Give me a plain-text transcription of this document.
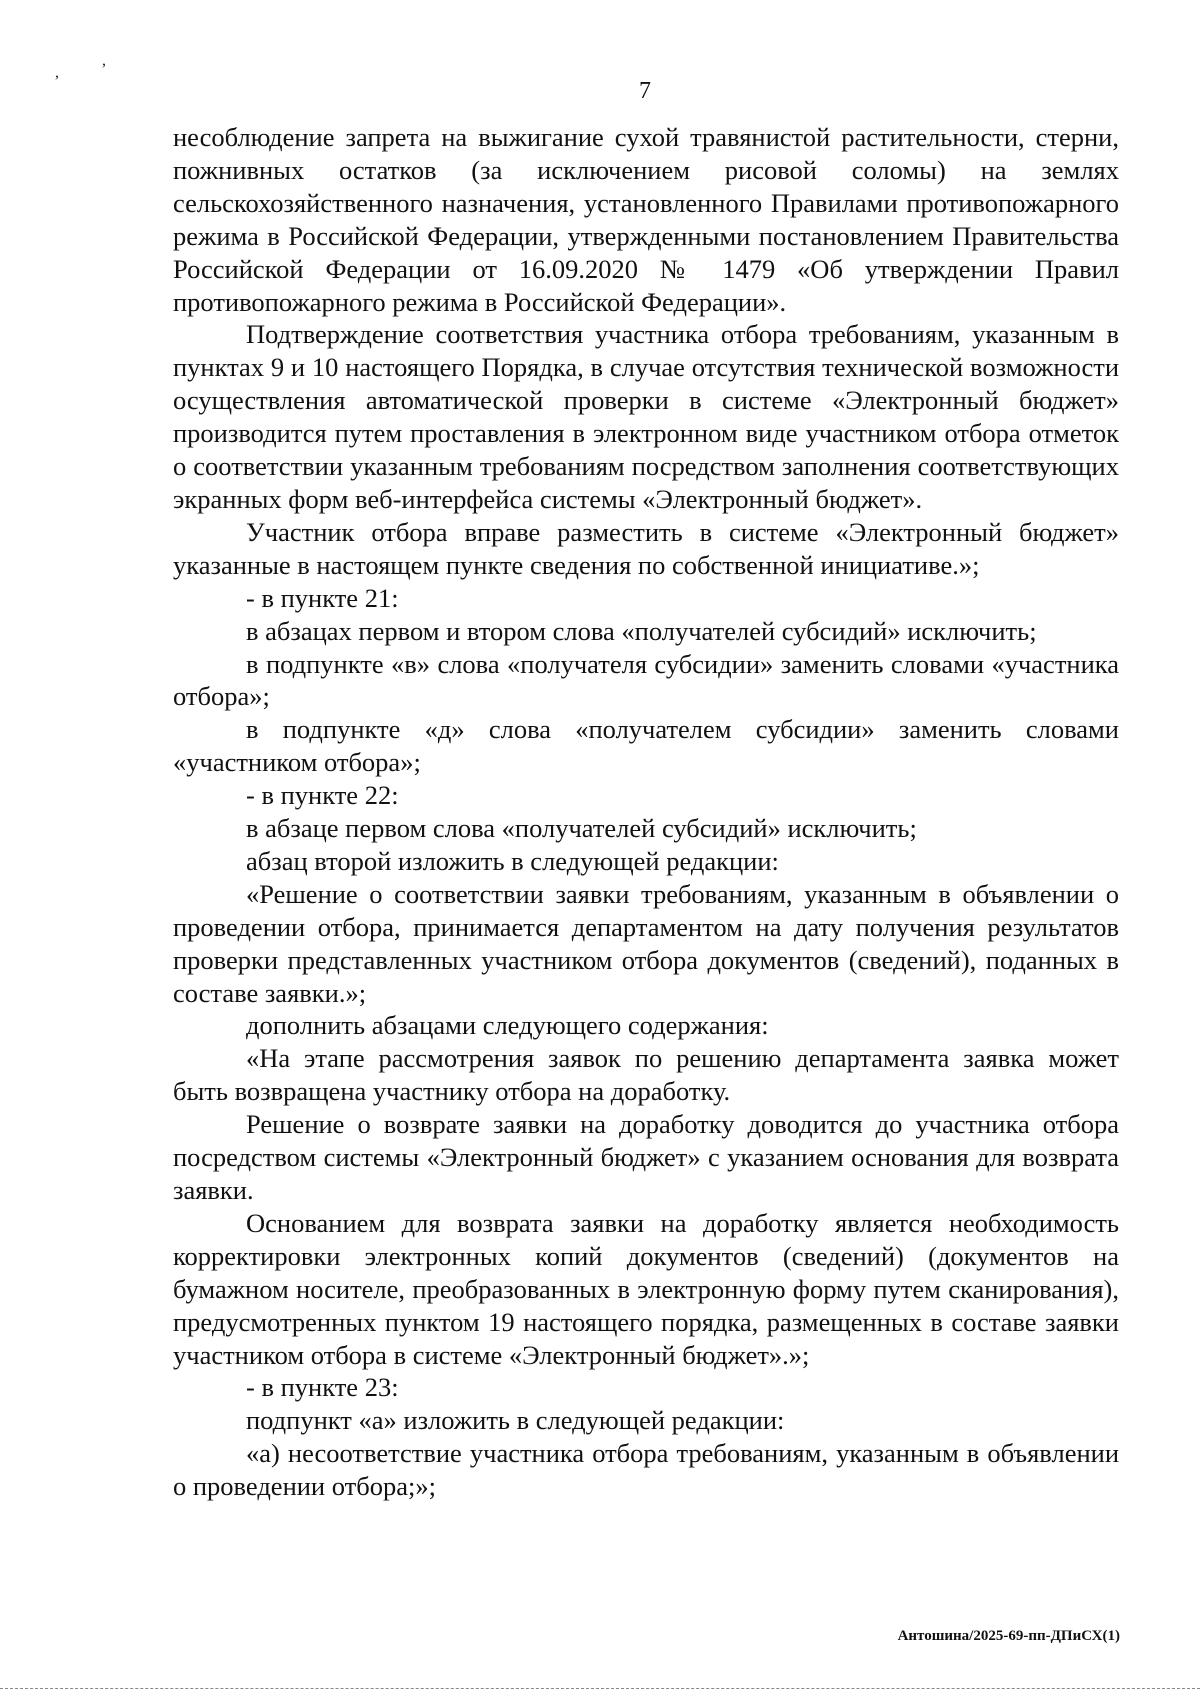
,
,

7

несоблюдение запрета на выжигание сухой травянистой растительности, стерни, пожнивных остатков (за исключением рисовой соломы) на землях сельскохозяйственного назначения, установленного Правилами противопожарного режима в Российской Федерации, утвержденными постановлением Правительства Российской Федерации от 16.09.2020 № 1479 «Об утверждении Правил противопожарного режима в Российской Федерации».

Подтверждение соответствия участника отбора требованиям, указанным в пунктах 9 и 10 настоящего Порядка, в случае отсутствия технической возможности осуществления автоматической проверки в системе «Электронный бюджет» производится путем проставления в электронном виде участником отбора отметок о соответствии указанным требованиям посредством заполнения соответствующих экранных форм веб-интерфейса системы «Электронный бюджет».

Участник отбора вправе разместить в системе «Электронный бюджет» указанные в настоящем пункте сведения по собственной инициативе.»;

- в пункте 21:

в абзацах первом и втором слова «получателей субсидий» исключить;

в подпункте «в» слова «получателя субсидии» заменить словами «участника отбора»;

в подпункте «д» слова «получателем субсидии» заменить словами «участником отбора»;

- в пункте 22:

в абзаце первом слова «получателей субсидий» исключить;

абзац второй изложить в следующей редакции:

«Решение о соответствии заявки требованиям, указанным в объявлении о проведении отбора, принимается департаментом на дату получения результатов проверки представленных участником отбора документов (сведений), поданных в составе заявки.»;

дополнить абзацами следующего содержания:

«На этапе рассмотрения заявок по решению департамента заявка может быть возвращена участнику отбора на доработку.

Решение о возврате заявки на доработку доводится до участника отбора посредством системы «Электронный бюджет» с указанием основания для возврата заявки.

Основанием для возврата заявки на доработку является необходимость корректировки электронных копий документов (сведений) (документов на бумажном носителе, преобразованных в электронную форму путем сканирования), предусмотренных пунктом 19 настоящего порядка, размещенных в составе заявки участником отбора в системе «Электронный бюджет».»;

- в пункте 23:

подпункт «а» изложить в следующей редакции:

«а) несоответствие участника отбора требованиям, указанным в объявлении о проведении отбора;»;

Антошина/2025-69-пп-ДПиСХ(1)
